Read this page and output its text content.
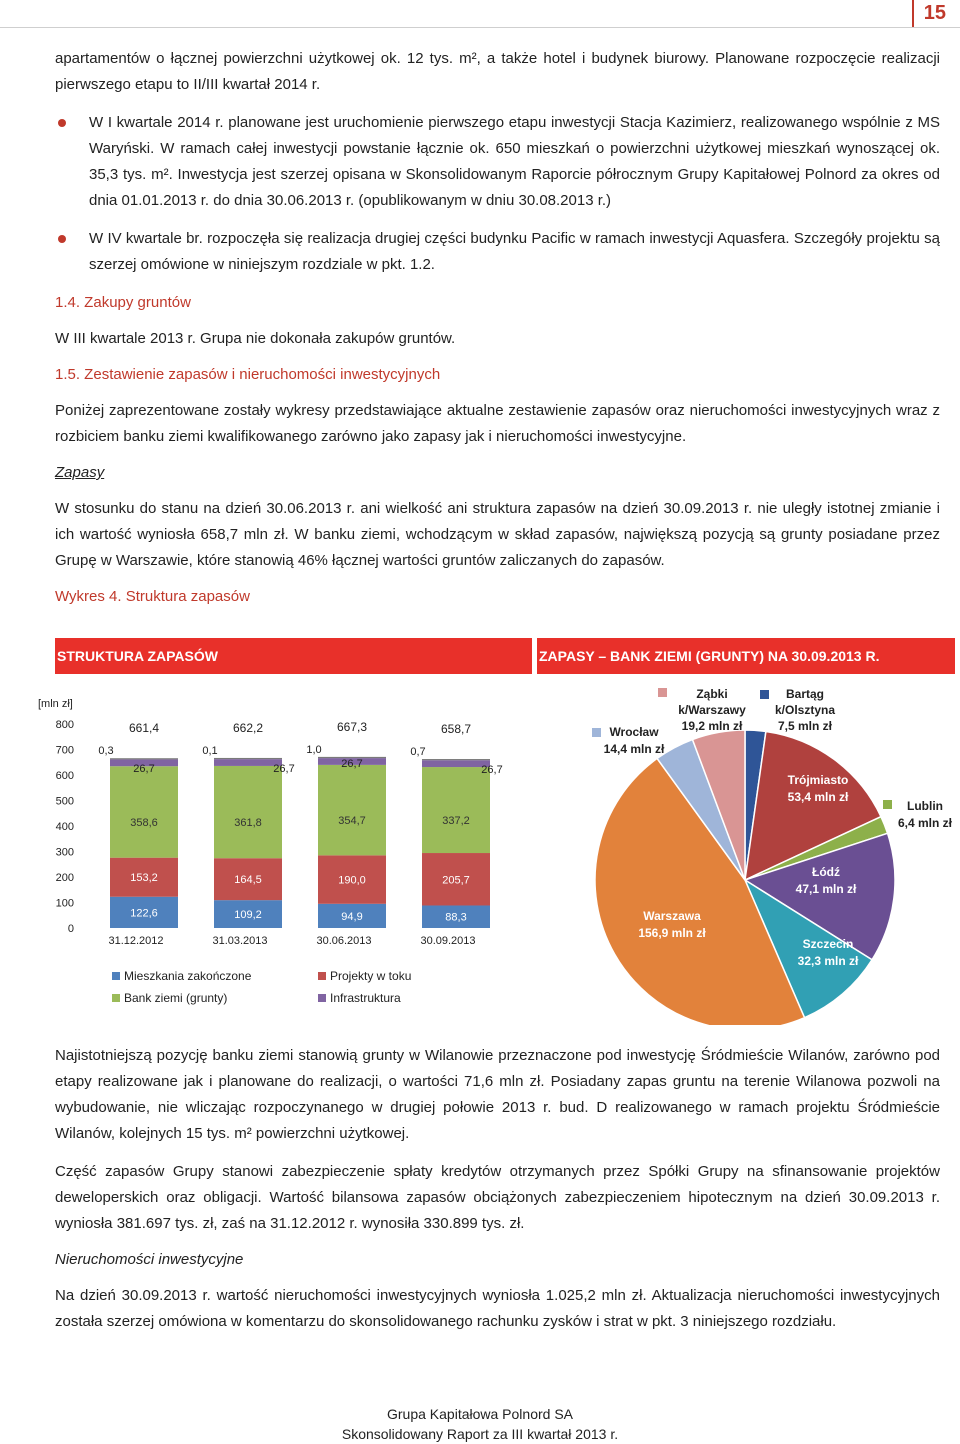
15

apartamentów o łącznej powierzchni użytkowej ok. 12 tys. m², a także hotel i budynek biurowy. Planowane rozpoczęcie realizacji pierwszego etapu to II/III kwartał 2014 r.

W I kwartale 2014 r. planowane jest uruchomienie pierwszego etapu inwestycji Stacja Kazimierz, realizowanego wspólnie z MS Waryński. W ramach całej inwestycji powstanie łącznie ok. 650 mieszkań o powierzchni użytkowej mieszkań wynoszącej ok. 35,3 tys. m². Inwestycja jest szerzej opisana w Skonsolidowanym Raporcie półrocznym Grupy Kapitałowej Polnord za okres od dnia 01.01.2013 r. do dnia 30.06.2013 r. (opublikowanym w dniu 30.08.2013 r.)
W IV kwartale br. rozpoczęła się realizacja drugiej części budynku Pacific w ramach inwestycji Aquasfera. Szczegóły projektu są szerzej omówione w niniejszym rozdziale w pkt. 1.2.

1.4. Zakupy gruntów

W III kwartale 2013 r. Grupa nie dokonała zakupów gruntów.

1.5. Zestawienie zapasów i nieruchomości inwestycyjnych

Poniżej zaprezentowane zostały wykresy przedstawiające aktualne zestawienie zapasów oraz nieruchomości inwestycyjnych wraz z rozbiciem banku ziemi kwalifikowanego zarówno jako zapasy jak i nieruchomości inwestycyjne.

Zapasy

W stosunku do stanu na dzień 30.06.2013 r. ani wielkość ani struktura zapasów na dzień 30.09.2013 r. nie uległy istotnej zmianie i ich wartość wyniosła 658,7 mln zł. W banku ziemi, wchodzącym w skład zapasów, największą pozycją są grunty posiadane przez Grupę w Warszawie, które stanowią 46% łącznej wartości gruntów zaliczanych do zapasów.

Wykres 4. Struktura zapasów

STRUKTURA ZAPASÓW	ZAPASY – BANK ZIEMI (GRUNTY) NA 30.09.2013 R.
[mln zł]
0
100
200
300
400
500
600
700
800
122,6
153,2
358,6
26,7
0,3
661,4
31.12.2012
109,2
164,5
361,8
26,7
0,1
662,2
31.03.2013
94,9
190,0
354,7
26,7
1,0
667,3
30.06.2013
88,3
205,7
337,2
26,7
0,7
658,7
30.09.2013
Mieszkania zakończone	Projekty w toku
Bank ziemi (grunty)	Infrastruktura
Bartąg
k/Olsztyna
7,5 mln zł
Trójmiasto
53,4 mln zł
Lublin
6,4 mln zł
Łódź
47,1 mln zł
Szczecin
32,3 mln zł
Warszawa
156,9 mln zł
Wrocław
14,4 mln zł
Ząbki
k/Warszawy
19,2 mln zł

Najistotniejszą pozycję banku ziemi stanowią grunty w Wilanowie przeznaczone pod inwestycję Śródmieście Wilanów, zarówno pod etapy realizowane jak i planowane do realizacji, o wartości 71,6 mln zł. Posiadany zapas gruntu na terenie Wilanowa pozwoli na wybudowanie, nie wliczając rozpoczynanego w drugiej połowie 2013 r. bud. D realizowanego w ramach projektu Śródmieście Wilanów, kolejnych 15 tys. m² powierzchni użytkowej.

Część zapasów Grupy stanowi zabezpieczenie spłaty kredytów otrzymanych przez Spółki Grupy na sfinansowanie projektów deweloperskich oraz obligacji. Wartość bilansowa zapasów obciążonych zabezpieczeniem hipotecznym na dzień 30.09.2013 r. wyniosła 381.697 tys. zł, zaś na 31.12.2012 r. wynosiła 330.899 tys. zł.

Nieruchomości inwestycyjne

Na dzień 30.09.2013 r. wartość nieruchomości inwestycyjnych wyniosła 1.025,2 mln zł. Aktualizacja nieruchomości inwestycyjnych została szerzej omówiona w komentarzu do skonsolidowanego rachunku zysków i strat w pkt. 3 niniejszego rozdziału.

Grupa Kapitałowa Polnord SA
Skonsolidowany Raport za III kwartał 2013 r.
